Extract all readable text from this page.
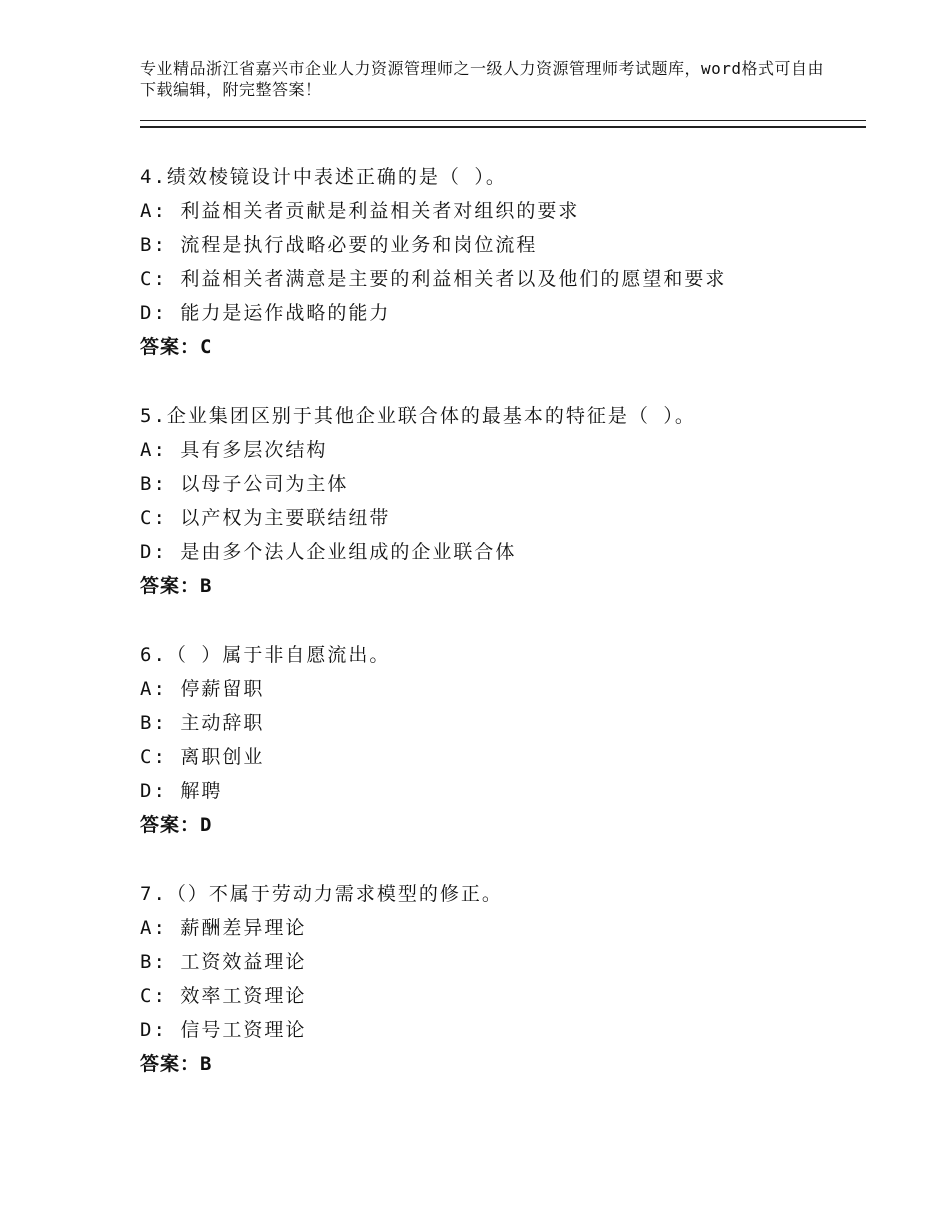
专业精品浙江省嘉兴市企业人力资源管理师之一级人力资源管理师考试题库，word格式可自由下载编辑，附完整答案！
4.绩效棱镜设计中表述正确的是（ ）。
A: 利益相关者贡献是利益相关者对组织的要求
B: 流程是执行战略必要的业务和岗位流程
C: 利益相关者满意是主要的利益相关者以及他们的愿望和要求
D: 能力是运作战略的能力
答案：C
5.企业集团区别于其他企业联合体的最基本的特征是（ ）。
A: 具有多层次结构
B: 以母子公司为主体
C: 以产权为主要联结纽带
D: 是由多个法人企业组成的企业联合体
答案：B
6.（ ）属于非自愿流出。
A: 停薪留职
B: 主动辞职
C: 离职创业
D: 解聘
答案：D
7.（）不属于劳动力需求模型的修正。
A: 薪酬差异理论
B: 工资效益理论
C: 效率工资理论
D: 信号工资理论
答案：B
